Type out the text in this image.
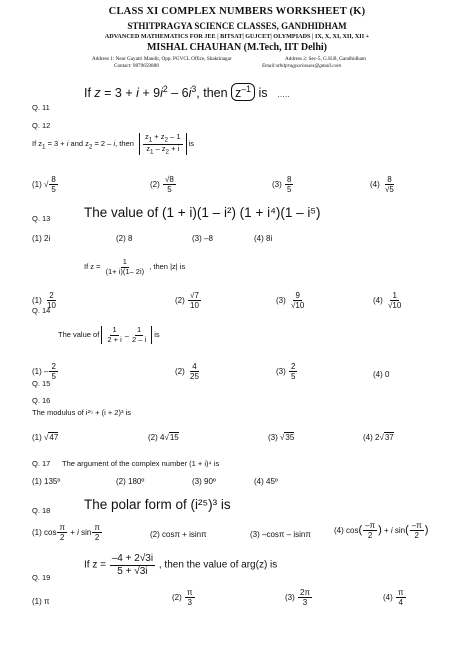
CLASS XI COMPLEX NUMBERS WORKSHEET (K)
STHITPRAGYA SCIENCE CLASSES, GANDHIDHAM
ADVANCED MATHEMATICS FOR JEE | BITSAT| GUJCET| OLYMPIADS | IX, X, XI, XII, XII +
MISHAL CHAUHAN (M.Tech, IIT Delhi)
Address 1: Near Gayatri Mandir, Opp. PGVCL Office, Shaktinagar	Address 2: Sec-5, G.H.B, Gandhidham
Contact: 9879659888	Email:sthitpragyaclasses@gmail.com
If $z = 3 + i + 9i^2 - 6i^3$, then $z^{-1}$ is …..
Q. 11
Q. 12
If $z_1 = 3 + i$ and $z_2 = 2 - i$, then
$z_1 + z_2 - 1$
$z_1 - z_2 + i$
is
(1) √ $\frac{8}{5}$	$(2) \frac{√8}{5}$	$(3) \frac{8}{5}$	$(4) \frac{8}{√5}$
Q. 13 The value of (1 + i)(1 – i²) (1 + i⁴)(1 – i⁵)
(1) 2i	(2) 8	(3) –8	(4) 8i
If $z = \frac{1}{(1+ i)(1- 2i)}$ , then |z| is
$(1) \frac{2}{10}$	$(2) \frac{√7}{10}$	$(3) \frac{9}{√10}$	$(4) \frac{1}{√10}$
Q. 14
The value of
1
2 + i –
1
2 – i
is
$(1) - \frac{2}{5}$	$(2) \frac{4}{25}$	$(3) \frac{2}{5}$	(4) 0
Q. 15
Q. 16
The modulus of i²⁵ + (i + 2)³ is
(1) √47	(2) 4√15	(3) √35	(4) 2√37
Q. 17 The argument of the complex number (1 + i)⁴ is
(1) 135º	(2) 180º	(3) 90º	(4) 45º
Q. 18 The polar form of (i²⁵)³ is
(1) $\cos \frac{\pi}{2} + i$ $\sin \frac{\pi}{2}$	(2) cosπ + isinπ	(3) –cosπ – isinπ	(4) $\cos( \frac{-\pi}{2}$ ) + i $\sin( \frac{-\pi}{2}$ )
If $z = \frac{-4 + 2√3i}{5 + √3i}$ , then the value of arg(z) is
Q. 19
(1) π	$(2) \frac{\pi}{3}$	$(3) \frac{2\pi}{3}$	$(4) \frac{\pi}{4}$
